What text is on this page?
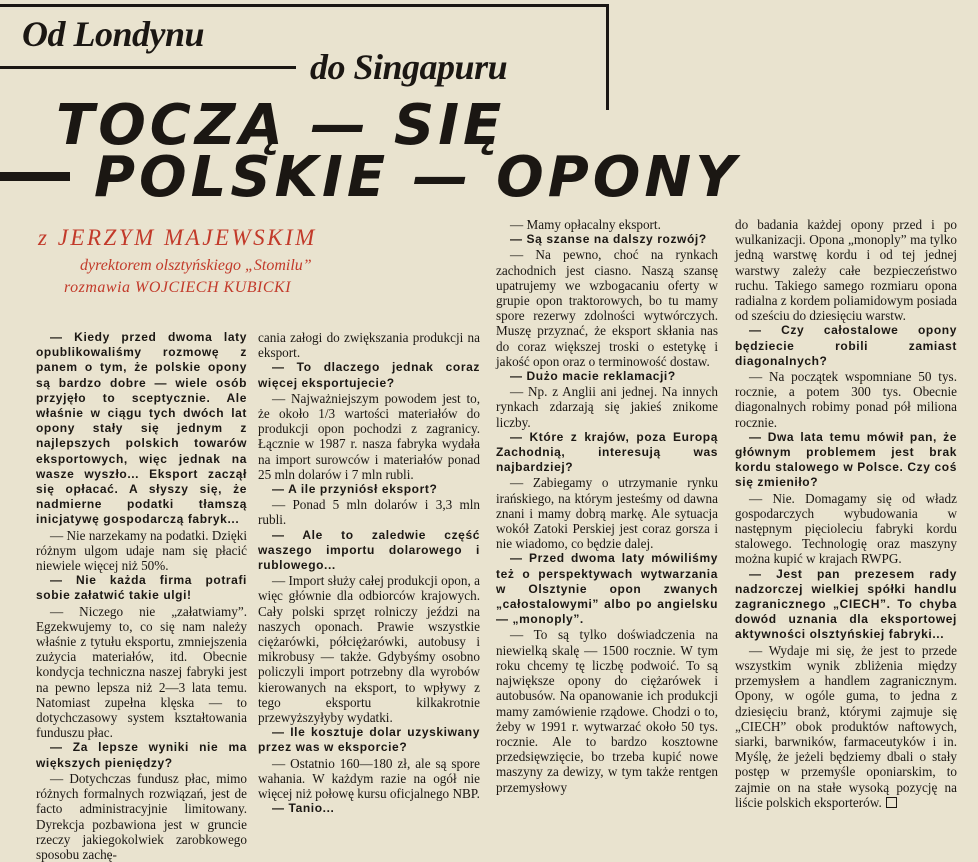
Od Londynu
do Singapuru
TOCZĄ — SIĘ
POLSKIE — OPONY
z JERZYM MAJEWSKIM
dyrektorem olsztyńskiego „Stomilu”
rozmawia WOJCIECH KUBICKI

— Kiedy przed dwoma laty opublikowaliśmy rozmowę z panem o tym, że polskie opony są bardzo dobre — wiele osób przyjęło to sceptycznie. Ale właśnie w ciągu tych dwóch lat opony stały się jednym z najlepszych polskich towarów eksportowych, więc jednak na wasze wyszło... Eksport zaczął się opłacać. A słyszy się, że nadmierne podatki tłamszą inicjatywę gospodarczą fabryk...

— Nie narzekamy na podatki. Dzięki różnym ulgom udaje nam się płacić niewiele więcej niż 50%.

— Nie każda firma potrafi sobie załatwić takie ulgi!

— Niczego nie „załatwiamy”. Egzekwujemy to, co się nam należy właśnie z tytułu eksportu, zmniejszenia zużycia materiałów, itd. Obecnie kondycja techniczna naszej fabryki jest na pewno lepsza niż 2—3 lata temu. Natomiast zupełna klęska — to dotychczasowy system kształtowania funduszu płac.

— Za lepsze wyniki nie ma większych pieniędzy?

— Dotychczas fundusz płac, mimo różnych formalnych rozwiązań, jest de facto administracyjnie limitowany. Dyrekcja pozbawiona jest w gruncie rzeczy jakiegokolwiek zarobkowego sposobu zachę-

cania załogi do zwiększania produkcji na eksport.

— To dlaczego jednak coraz więcej eksportujecie?

— Najważniejszym powodem jest to, że około 1/3 wartości materiałów do produkcji opon pochodzi z zagranicy. Łącznie w 1987 r. nasza fabryka wydała na import surowców i materiałów ponad 25 mln dolarów i 7 mln rubli.

— A ile przyniósł eksport?

— Ponad 5 mln dolarów i 3,3 mln rubli.

— Ale to zaledwie część waszego importu dolarowego i rublowego...

— Import służy całej produkcji opon, a więc głównie dla odbiorców krajowych. Cały polski sprzęt rolniczy jeździ na naszych oponach. Prawie wszystkie ciężarówki, półciężarówki, autobusy i mikrobusy — także. Gdybyśmy osobno policzyli import potrzebny dla wyrobów kierowanych na eksport, to wpływy z tego eksportu kilkakrotnie przewyższyłyby wydatki.

— Ile kosztuje dolar uzyskiwany przez was w eksporcie?

— Ostatnio 160—180 zł, ale są spore wahania. W każdym razie na ogół nie więcej niż połowę kursu oficjalnego NBP.

— Tanio...

— Mamy opłacalny eksport.

— Są szanse na dalszy rozwój?

— Na pewno, choć na rynkach zachodnich jest ciasno. Naszą szansę upatrujemy we wzbogacaniu oferty w grupie opon traktorowych, bo tu mamy spore rezerwy zdolności wytwórczych. Muszę przyznać, że eksport skłania nas do coraz większej troski o estetykę i jakość opon oraz o terminowość dostaw.

— Dużo macie reklamacji?

— Np. z Anglii ani jednej. Na innych rynkach zdarzają się jakieś znikome liczby.

— Które z krajów, poza Europą Zachodnią, interesują was najbardziej?

— Zabiegamy o utrzymanie rynku irańskiego, na którym jesteśmy od dawna znani i mamy dobrą markę. Ale sytuacja wokół Zatoki Perskiej jest coraz gorsza i nie wiadomo, co będzie dalej.

— Przed dwoma laty mówiliśmy też o perspektywach wytwarzania w Olsztynie opon zwanych „całostalowymi” albo po angielsku — „monoply”.

— To są tylko doświadczenia na niewielką skalę — 1500 rocznie. W tym roku chcemy tę liczbę podwoić. To są największe opony do ciężarówek i autobusów. Na opanowanie ich produkcji mamy zamówienie rządowe. Chodzi o to, żeby w 1991 r. wytwarzać około 50 tys. rocznie. Ale to bardzo kosztowne przedsięwzięcie, bo trzeba kupić nowe maszyny za dewizy, w tym także rentgen przemysłowy

do badania każdej opony przed i po wulkanizacji. Opona „monoply” ma tylko jedną warstwę kordu i od tej jednej warstwy zależy całe bezpieczeństwo ruchu. Takiego samego rozmiaru opona radialna z kordem poliamidowym posiada od sześciu do dziesięciu warstw.

— Czy całostalowe opony będziecie robili zamiast diagonalnych?

— Na początek wspomniane 50 tys. rocznie, a potem 300 tys. Obecnie diagonalnych robimy ponad pół miliona rocznie.

— Dwa lata temu mówił pan, że głównym problemem jest brak kordu stalowego w Polsce. Czy coś się zmieniło?

— Nie. Domagamy się od władz gospodarczych wybudowania w następnym pięcioleciu fabryki kordu stalowego. Technologię oraz maszyny można kupić w krajach RWPG.

— Jest pan prezesem rady nadzorczej wielkiej spółki handlu zagranicznego „CIECH”. To chyba dowód uznania dla eksportowej aktywności olsztyńskiej fabryki...

— Wydaje mi się, że jest to przede wszystkim wynik zbliżenia między przemysłem a handlem zagranicznym. Opony, w ogóle guma, to jedna z dziesięciu branż, którymi zajmuje się „CIECH” obok produktów naftowych, siarki, barwników, farmaceutyków i in. Myślę, że jeżeli będziemy dbali o stały postęp w przemyśle oponiarskim, to zajmie on na stałe wysoką pozycję na liście polskich eksporterów.
